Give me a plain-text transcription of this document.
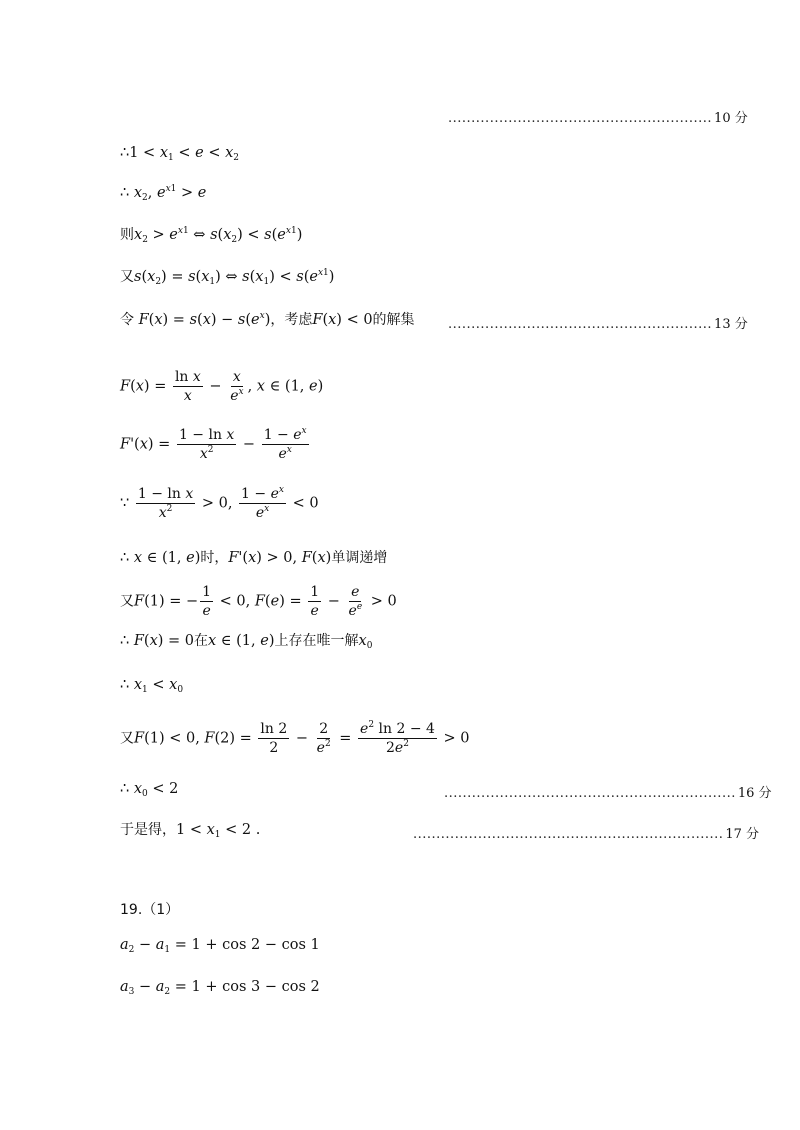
......................................................... 10 分
∴1 < $x_1 < e < x_2$
∴ $x_2$, $e^{x1} > e$
则$x_2 > e^{x1}$ ⇔ $s(x_2) < s(e^{x1})$
又$s(x_2) = s(x_1)$ ⇔ $s(x_1) < s(e^{x1})$
令 $F(x) = s(x) - s(e^x)$，考虑F(x) < 0的解集	......................................................... 13 分
$F(x) = \frac{\text{ln x}}{x} - \frac{x}{e^x}$ , x ∈ (1, e)
$F'(x) = \frac{\text{1 − ln x}}{x^2} - \frac{1 - e^x}{e^x}$
∵ $\frac{\text{1 − ln x}}{x^2} > 0$, $\frac{1 - e^x}{e^x} < 0$
∴ x ∈ (1, e)时，F'(x) > 0, F(x)单调递增
又F(1) = − $\frac{1}{e} < 0$, $F(e) = \frac{1}{e} - \frac{e}{e^e} > 0$
∴ F(x) = 0在x ∈ (1, e)上存在唯一解$x_0$
∴ $x_1 < x_0$
又F(1) < 0, $F(2) = \frac{\ln 2}{2} - \frac{2}{e^2} = \frac{e^2 \ln 2 - 4}{2e^2} > 0$
∴ $x_0 < 2$	............................................................... 16 分
于是得，$1 < x_1 < 2$ .	................................................................... 17 分
19.（1）
$a_2 - a_1 = 1 + \cos 2 - \cos 1$
$a_3 - a_2 = 1 + \cos 3 - \cos 2$
